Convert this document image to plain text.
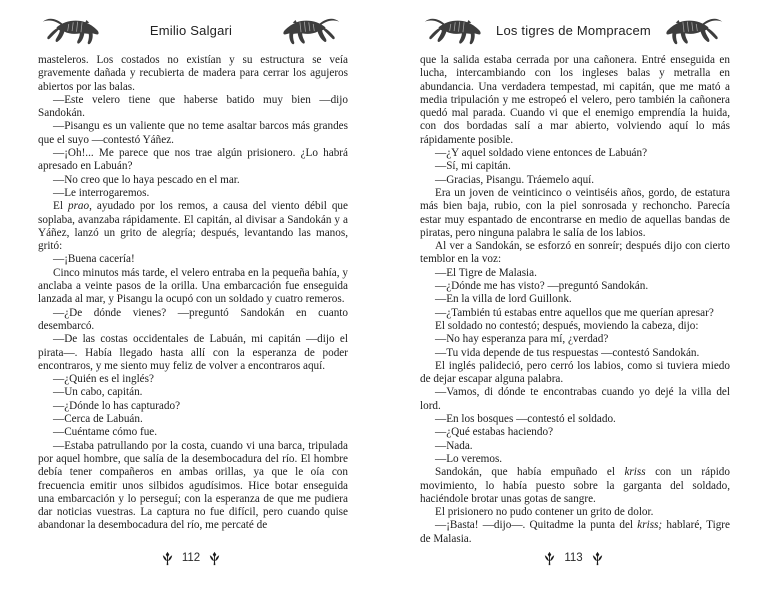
Emilio Salgari

masteleros. Los costados no existían y su estructura se veía gravemente dañada y recubierta de madera para cerrar los agujeros abiertos por las balas.

—Este velero tiene que haberse batido muy bien —dijo Sandokán.

—Pisangu es un valiente que no teme asaltar barcos más grandes que el suyo —contestó Yáñez.

—¡Oh!... Me parece que nos trae algún prisionero. ¿Lo habrá apresado en Labuán?

—No creo que lo haya pescado en el mar.

—Le interrogaremos.

El prao, ayudado por los remos, a causa del viento débil que soplaba, avanzaba rápidamente. El capitán, al divisar a Sandokán y a Yáñez, lanzó un grito de alegría; después, levantando las manos, gritó:

—¡Buena cacería!

Cinco minutos más tarde, el velero entraba en la pequeña bahía, y anclaba a veinte pasos de la orilla. Una embarcación fue enseguida lanzada al mar, y Pisangu la ocupó con un soldado y cuatro remeros.

—¿De dónde vienes? —preguntó Sandokán en cuanto desembarcó.

—De las costas occidentales de Labuán, mi capitán —dijo el pirata—. Había llegado hasta allí con la esperanza de poder encontraros, y me siento muy feliz de volver a encontraros aquí.

—¿Quién es el inglés?

—Un cabo, capitán.

—¿Dónde lo has capturado?

—Cerca de Labuán.

—Cuéntame cómo fue.

—Estaba patrullando por la costa, cuando vi una barca, tripulada por aquel hombre, que salía de la desembocadura del río. El hombre debía tener compañeros en ambas orillas, ya que le oía con frecuencia emitir unos silbidos agudísimos. Hice botar enseguida una embarcación y lo perseguí; con la esperanza de que me pudiera dar noticias vuestras. La captura no fue difícil, pero cuando quise abandonar la desembocadura del río, me percaté de

112
Los tigres de Mompracem

que la salida estaba cerrada por una cañonera. Entré enseguida en lucha, intercambiando con los ingleses balas y metralla en abundancia. Una verdadera tempestad, mi capitán, que me mató a media tripulación y me estropeó el velero, pero también la cañonera quedó mal parada. Cuando vi que el enemigo emprendía la huida, con dos bordadas salí a mar abierto, volviendo aquí lo más rápidamente posible.

—¿Y aquel soldado viene entonces de Labuán?

—Sí, mi capitán.

—Gracias, Pisangu. Tráemelo aquí.

Era un joven de veinticinco o veintiséis años, gordo, de estatura más bien baja, rubio, con la piel sonrosada y rechoncho. Parecía estar muy espantado de encontrarse en medio de aquellas bandas de piratas, pero ninguna palabra le salía de los labios.

Al ver a Sandokán, se esforzó en sonreír; después dijo con cierto temblor en la voz:

—El Tigre de Malasia.

—¿Dónde me has visto? —preguntó Sandokán.

—En la villa de lord Guillonk.

—¿También tú estabas entre aquellos que me querían apresar?

El soldado no contestó; después, moviendo la cabeza, dijo:

—No hay esperanza para mí, ¿verdad?

—Tu vida depende de tus respuestas —contestó Sandokán.

El inglés palideció, pero cerró los labios, como si tuviera miedo de dejar escapar alguna palabra.

—Vamos, di dónde te encontrabas cuando yo dejé la villa del lord.

—En los bosques —contestó el soldado.

—¿Qué estabas haciendo?

—Nada.

—Lo veremos.

Sandokán, que había empuñado el kriss con un rápido movimiento, lo había puesto sobre la garganta del soldado, haciéndole brotar unas gotas de sangre.

El prisionero no pudo contener un grito de dolor.

—¡Basta! —dijo—. Quitadme la punta del kriss; hablaré, Tigre de Malasia.

113
